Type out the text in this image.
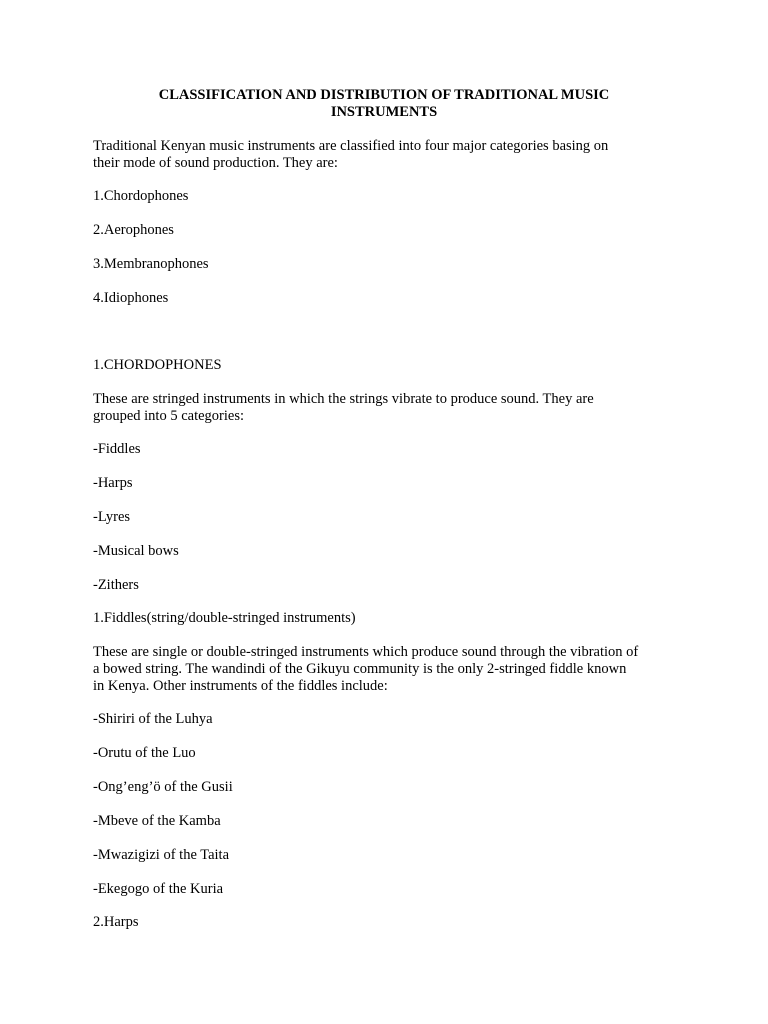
CLASSIFICATION AND DISTRIBUTION OF TRADITIONAL MUSIC
INSTRUMENTS
Traditional Kenyan music instruments are classified into four major categories basing on
their mode of sound production. They are:
1.Chordophones
2.Aerophones
3.Membranophones
4.Idiophones
1.CHORDOPHONES
These are stringed instruments in which the strings vibrate to produce sound. They are
grouped into 5 categories:
-Fiddles
-Harps
-Lyres
-Musical bows
-Zithers
1.Fiddles(string/double-stringed instruments)
These are single or double-stringed instruments which produce sound through the vibration of
a bowed string. The wandindi of the Gikuyu community is the only 2-stringed fiddle known
in Kenya. Other instruments of the fiddles include:
-Shiriri of the Luhya
-Orutu of the Luo
-Ong’eng’ö of the Gusii
-Mbeve of the Kamba
-Mwazigizi of the Taita
-Ekegogo of the Kuria
2.Harps
